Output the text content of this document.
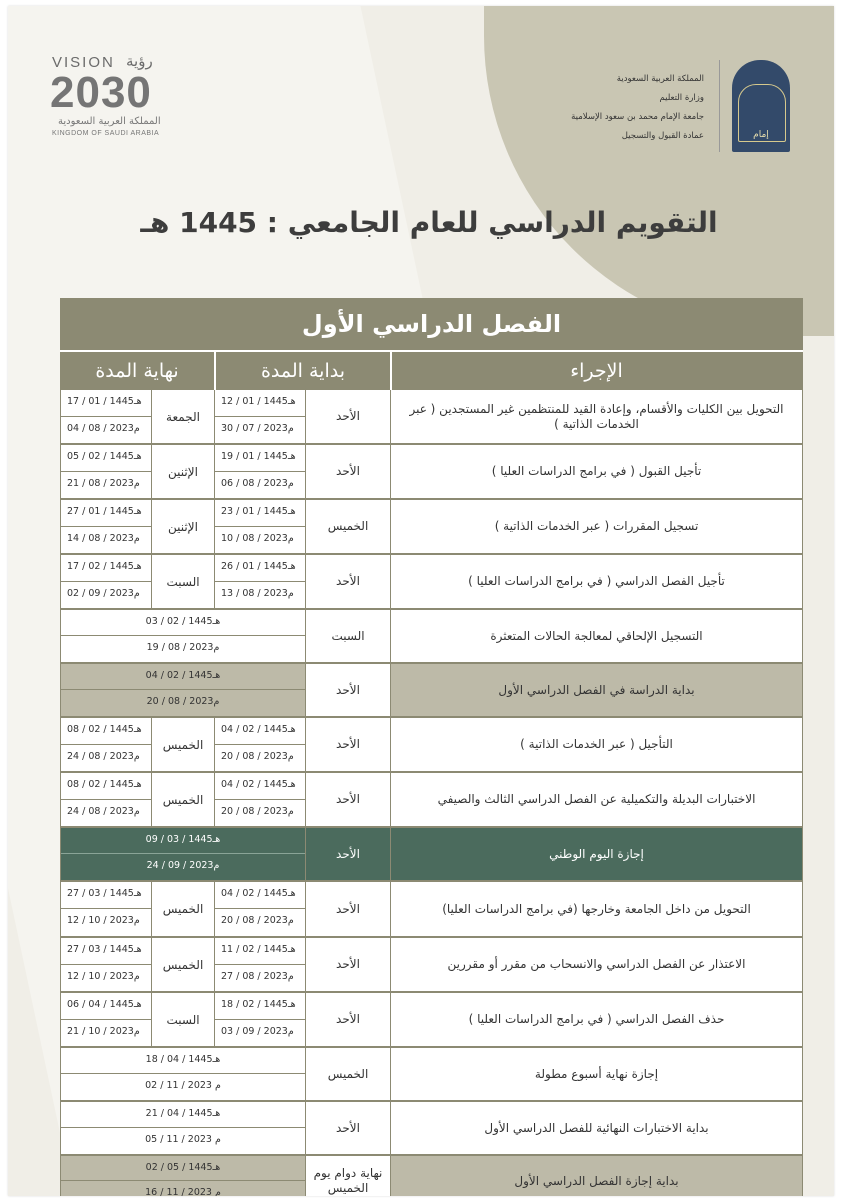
VISION رؤية
2030
المملكة العربية السعودية
KINGDOM OF SAUDI ARABIA
المملكة العربية السعودية
وزارة التعليم
جامعة الإمام محمد بن سعود الإسلامية
عمادة القبول والتسجيل	إمام
التقويم الدراسي للعام الجامعي : 1445 هـ
الفصل الدراسي الأول
الإجراء
بداية المدة
نهاية المدة
التحويل بين الكليات والأقسام، وإعادة القيد للمنتظمين غير المستجدين ( عبر الخدمات الذاتية )
الأحد
12 / 01 / 1445هـ
30 / 07 / 2023م
الجمعة
17 / 01 / 1445هـ
04 / 08 / 2023م
تأجيل القبول ( في برامج الدراسات العليا )
الأحد
19 / 01 / 1445هـ
06 / 08 / 2023م
الإثنين
05 / 02 / 1445هـ
21 / 08 / 2023م
تسجيل المقررات ( عبر الخدمات الذاتية )
الخميس
23 / 01 / 1445هـ
10 / 08 / 2023م
الإثنين
27 / 01 / 1445هـ
14 / 08 / 2023م
تأجيل الفصل الدراسي ( في برامج الدراسات العليا )
الأحد
26 / 01 / 1445هـ
13 / 08 / 2023م
السبت
17 / 02 / 1445هـ
02 / 09 / 2023م
التسجيل الإلحاقي لمعالجة الحالات المتعثرة
السبت
03 / 02 / 1445هـ
19 / 08 / 2023م
بداية الدراسة في الفصل الدراسي الأول
الأحد
04 / 02 / 1445هـ
20 / 08 / 2023م
التأجيل ( عبر الخدمات الذاتية )
الأحد
04 / 02 / 1445هـ
20 / 08 / 2023م
الخميس
08 / 02 / 1445هـ
24 / 08 / 2023م
الاختبارات البديلة والتكميلية عن الفصل الدراسي الثالث والصيفي
الأحد
04 / 02 / 1445هـ
20 / 08 / 2023م
الخميس
08 / 02 / 1445هـ
24 / 08 / 2023م
إجازة اليوم الوطني
الأحد
09 / 03 / 1445هـ
24 / 09 / 2023م
التحويل من داخل الجامعة وخارجها (في برامج الدراسات العليا)
الأحد
04 / 02 / 1445هـ
20 / 08 / 2023م
الخميس
27 / 03 / 1445هـ
12 / 10 / 2023م
الاعتذار عن الفصل الدراسي والانسحاب من مقرر أو مقررين
الأحد
11 / 02 / 1445هـ
27 / 08 / 2023م
الخميس
27 / 03 / 1445هـ
12 / 10 / 2023م
حذف الفصل الدراسي ( في برامج الدراسات العليا )
الأحد
18 / 02 / 1445هـ
03 / 09 / 2023م
السبت
06 / 04 / 1445هـ
21 / 10 / 2023م
إجازة نهاية أسبوع مطولة
الخميس
18 / 04 / 1445هـ
02 / 11 / 2023 م
بداية الاختبارات النهائية للفصل الدراسي الأول
الأحد
21 / 04 / 1445هـ
05 / 11 / 2023 م
بداية إجازة الفصل الدراسي الأول
نهاية دوام يوم الخميس
02 / 05 / 1445هـ
16 / 11 / 2023 م
